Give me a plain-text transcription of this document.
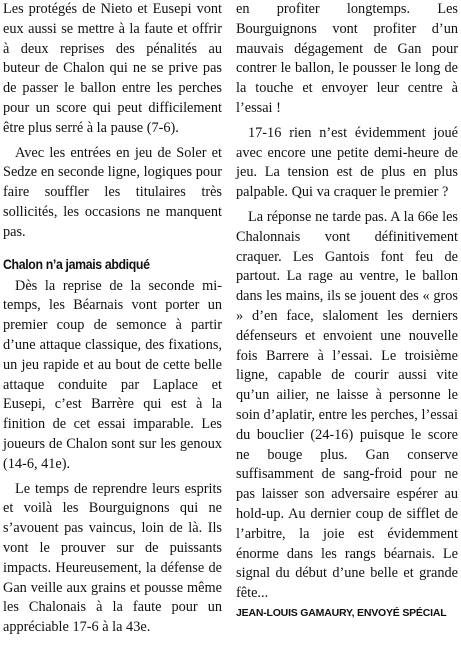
Les protégés de Nieto et Eusepi vont eux aussi se mettre à la faute et offrir à deux reprises des pénalités au buteur de Chalon qui ne se prive pas de passer le ballon entre les perches pour un score qui peut difficilement être plus serré à la pause (7-6).

Avec les entrées en jeu de Soler et Sedze en seconde ligne, logiques pour faire souffler les titulaires très sollicités, les occasions ne manquent pas.

Chalon n’a jamais abdiqué

Dès la reprise de la seconde mi-temps, les Béarnais vont porter un premier coup de semonce à partir d’une attaque classique, des fixations, un jeu rapide et au bout de cette belle attaque conduite par Laplace et Eusepi, c’est Barrère qui est à la finition de cet essai imparable. Les joueurs de Chalon sont sur les genoux (14-6, 41e).

Le temps de reprendre leurs esprits et voilà les Bourguignons qui ne s’avouent pas vaincus, loin de là. Ils vont le prouver sur de puissants impacts. Heureusement, la défense de Gan veille aux grains et pousse même les Chalonais à la faute pour un appréciable 17-6 à la 43e.

en profiter longtemps. Les Bourguignons vont profiter d’un mauvais dégagement de Gan pour contrer le ballon, le pousser le long de la touche et envoyer leur centre à l’essai !

17-16 rien n’est évidemment joué avec encore une petite demi-heure de jeu. La tension est de plus en plus palpable. Qui va craquer le premier ?

La réponse ne tarde pas. A la 66e les Chalonnais vont définitivement craquer. Les Gantois font feu de partout. La rage au ventre, le ballon dans les mains, ils se jouent des « gros » d’en face, slaloment les derniers défenseurs et envoient une nouvelle fois Barrere à l’essai. Le troisième ligne, capable de courir aussi vite qu’un ailier, ne laisse à personne le soin d’aplatir, entre les perches, l’essai du bouclier (24-16) puisque le score ne bouge plus. Gan conserve suffisamment de sang-froid pour ne pas laisser son adversaire espérer au hold-up. Au dernier coup de sifflet de l’arbitre, la joie est évidemment énorme dans les rangs béarnais. Le signal du début d’une belle et grande fête...

JEAN-LOUIS GAMAURY, ENVOYÉ SPÉCIAL
